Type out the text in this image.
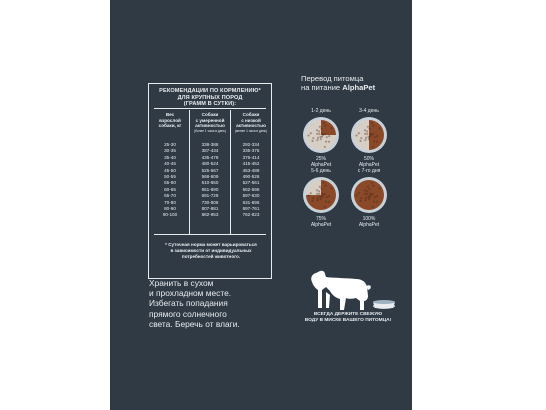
РЕКОМЕНДАЦИИ ПО КОРМЛЕНИЮ*
ДЛЯ КРУПНЫХ ПОРОД
(ГРАММ В СУТКИ):
Вес
взрослой
собаки, кг
Собаки
с умеренной
активностью
(более 1 часа в день)
Собаки
с низкой
активностью
(менее 1 часа в день)
25-30
30-35
35-40
40-45
45-50
50-55
55-60
60-65
65-70
70-80
80-90
90-100
338-386
387-434
435-479
480-524
525-567
568-609
610-650
651-690
691-729
730-806
807-881
882-953
292-334
335-375
376-414
415-452
453-489
490-526
527-561
562-596
597-630
631-696
697-761
762-823
* Суточная норма может варьироваться
в зависимости от индивидуальных
потребностей животного.
Хранить в сухом
и прохладном месте.
Избегать попадания
прямого солнечного
света. Беречь от влаги.
Перевод питомца
на питание AlphaPet
1-2 день
25%
AlphaPet
3-4 день
50%
AlphaPet
5-6 день
75%
AlphaPet
с 7-го дня
100%
AlphaPet
ВСЕГДА ДЕРЖИТЕ СВЕЖУЮ
ВОДУ В МИСКЕ ВАШЕГО ПИТОМЦА!
